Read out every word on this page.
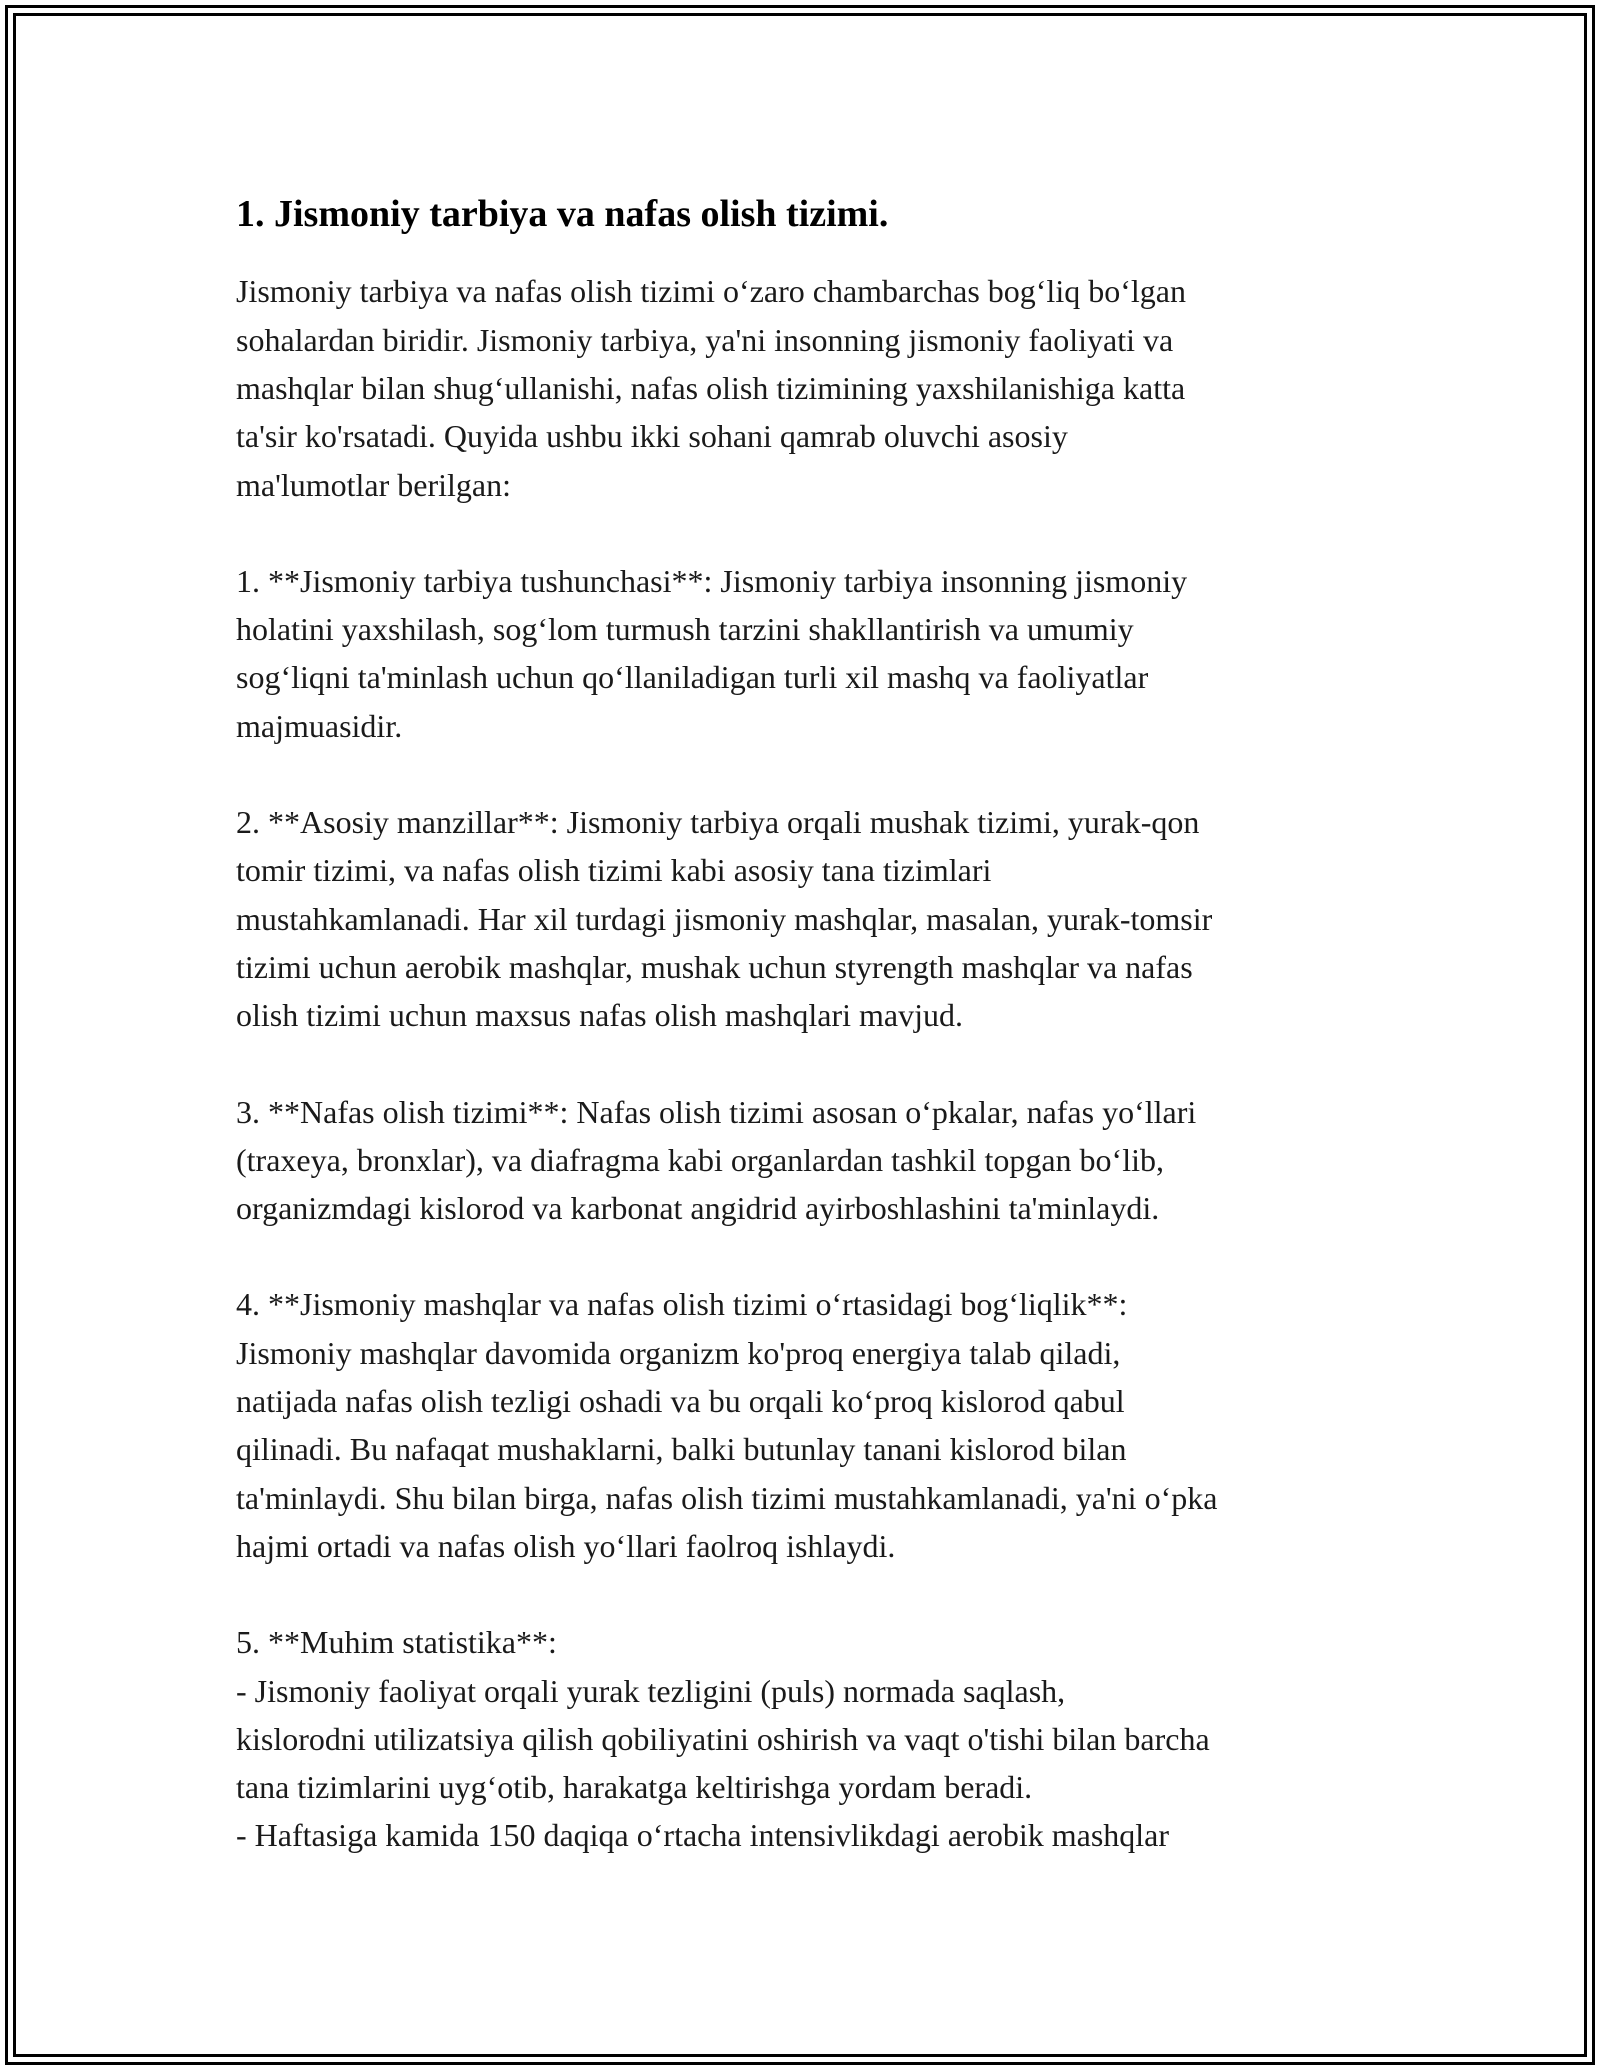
1. Jismoniy tarbiya va nafas olish tizimi.

Jismoniy tarbiya va nafas olish tizimi o‘zaro chambarchas bog‘liq bo‘lgan
sohalardan biridir. Jismoniy tarbiya, ya'ni insonning jismoniy faoliyati va
mashqlar bilan shug‘ullanishi, nafas olish tizimining yaxshilanishiga katta
ta'sir ko'rsatadi. Quyida ushbu ikki sohani qamrab oluvchi asosiy
ma'lumotlar berilgan:

1. **Jismoniy tarbiya tushunchasi**: Jismoniy tarbiya insonning jismoniy
holatini yaxshilash, sog‘lom turmush tarzini shakllantirish va umumiy
sog‘liqni ta'minlash uchun qo‘llaniladigan turli xil mashq va faoliyatlar
majmuasidir.

2. **Asosiy manzillar**: Jismoniy tarbiya orqali mushak tizimi, yurak-qon
tomir tizimi, va nafas olish tizimi kabi asosiy tana tizimlari
mustahkamlanadi. Har xil turdagi jismoniy mashqlar, masalan, yurak-tomsir
tizimi uchun aerobik mashqlar, mushak uchun styrength mashqlar va nafas
olish tizimi uchun maxsus nafas olish mashqlari mavjud.

3. **Nafas olish tizimi**: Nafas olish tizimi asosan o‘pkalar, nafas yo‘llari
(traxeya, bronxlar), va diafragma kabi organlardan tashkil topgan bo‘lib,
organizmdagi kislorod va karbonat angidrid ayirboshlashini ta'minlaydi.

4. **Jismoniy mashqlar va nafas olish tizimi o‘rtasidagi bog‘liqlik**:
Jismoniy mashqlar davomida organizm ko'proq energiya talab qiladi,
natijada nafas olish tezligi oshadi va bu orqali ko‘proq kislorod qabul
qilinadi. Bu nafaqat mushaklarni, balki butunlay tanani kislorod bilan
ta'minlaydi. Shu bilan birga, nafas olish tizimi mustahkamlanadi, ya'ni o‘pka
hajmi ortadi va nafas olish yo‘llari faolroq ishlaydi.

5. **Muhim statistika**:
- Jismoniy faoliyat orqali yurak tezligini (puls) normada saqlash,
kislorodni utilizatsiya qilish qobiliyatini oshirish va vaqt o'tishi bilan barcha
tana tizimlarini uyg‘otib, harakatga keltirishga yordam beradi.
- Haftasiga kamida 150 daqiqa o‘rtacha intensivlikdagi aerobik mashqlar
